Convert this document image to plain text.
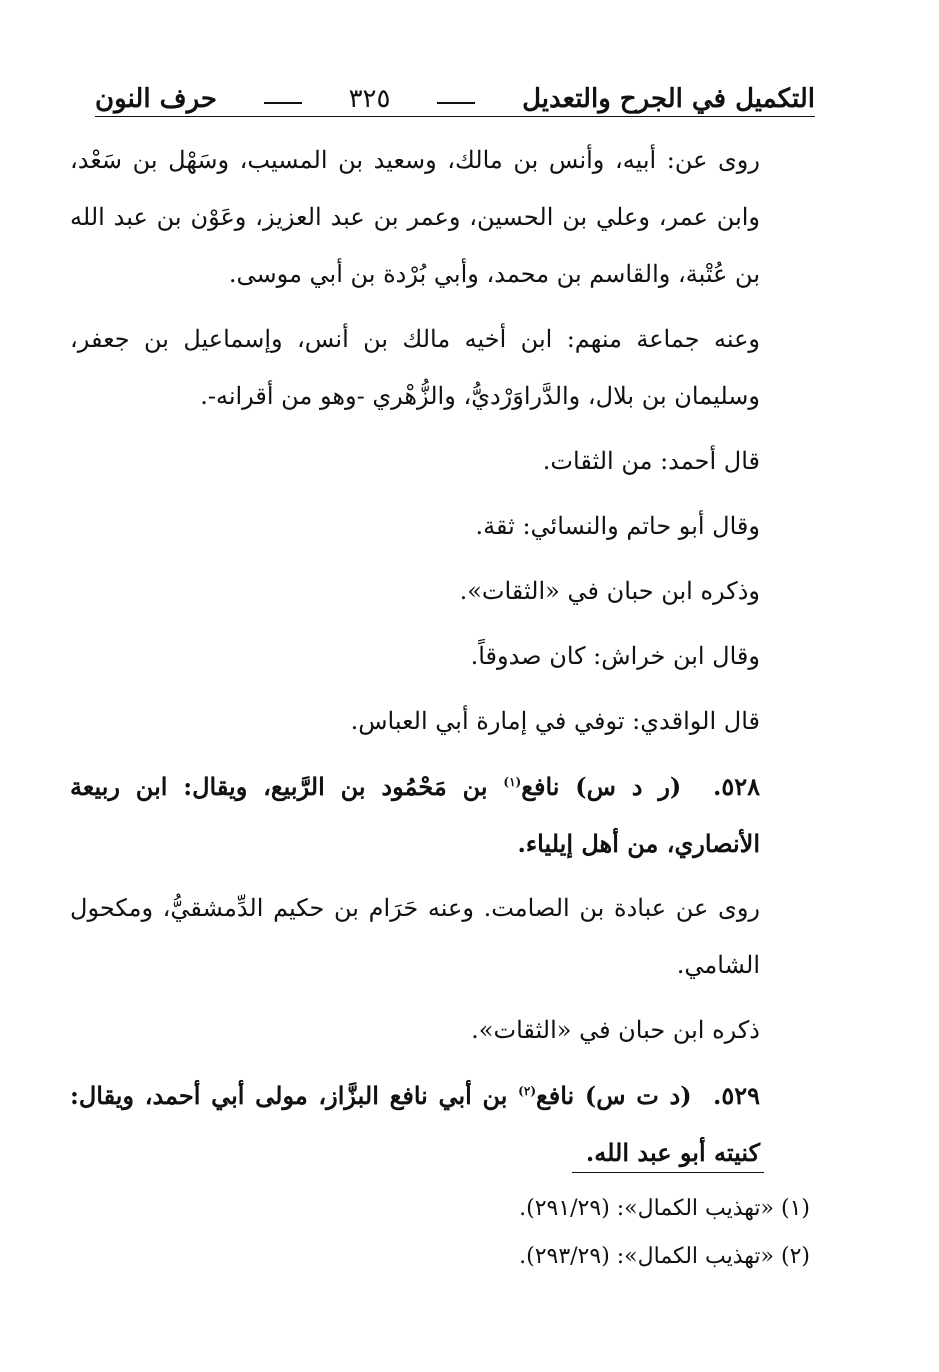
التكميل في الجرح والتعديل
٣٢٥
حرف النون

روى عن: أبيه، وأنس بن مالك، وسعيد بن المسيب، وسَهْل بن سَعْد، وابن عمر، وعلي بن الحسين، وعمر بن عبد العزيز، وعَوْن بن عبد الله بن عُتْبة، والقاسم بن محمد، وأبي بُرْدة بن أبي موسى.

وعنه جماعة منهم: ابن أخيه مالك بن أنس، وإسماعيل بن جعفر، وسليمان بن بلال، والدَّراوَرْديُّ، والزُّهْري -وهو من أقرانه-.

قال أحمد: من الثقات.

وقال أبو حاتم والنسائي: ثقة.

وذكره ابن حبان في «الثقات».

وقال ابن خراش: كان صدوقاً.

قال الواقدي: توفي في إمارة أبي العباس.

٥٢٨.  (ر د س) نافع$^{(١)}$ بن مَحْمُود بن الرَّبيع، ويقال: ابن ربيعة الأنصاري، من أهل إيلياء.

روى عن عبادة بن الصامت. وعنه حَرَام بن حكيم الدِّمشقيُّ، ومكحول الشامي.

ذكره ابن حبان في «الثقات».

٥٢٩.  (د ت س) نافع$^{(٢)}$ بن أبي نافع البزَّاز، مولى أبي أحمد، ويقال: كنيته أبو عبد الله.

(١) «تهذيب الكمال»: (٢٩١/٢٩).
(٢) «تهذيب الكمال»: (٢٩٣/٢٩).
